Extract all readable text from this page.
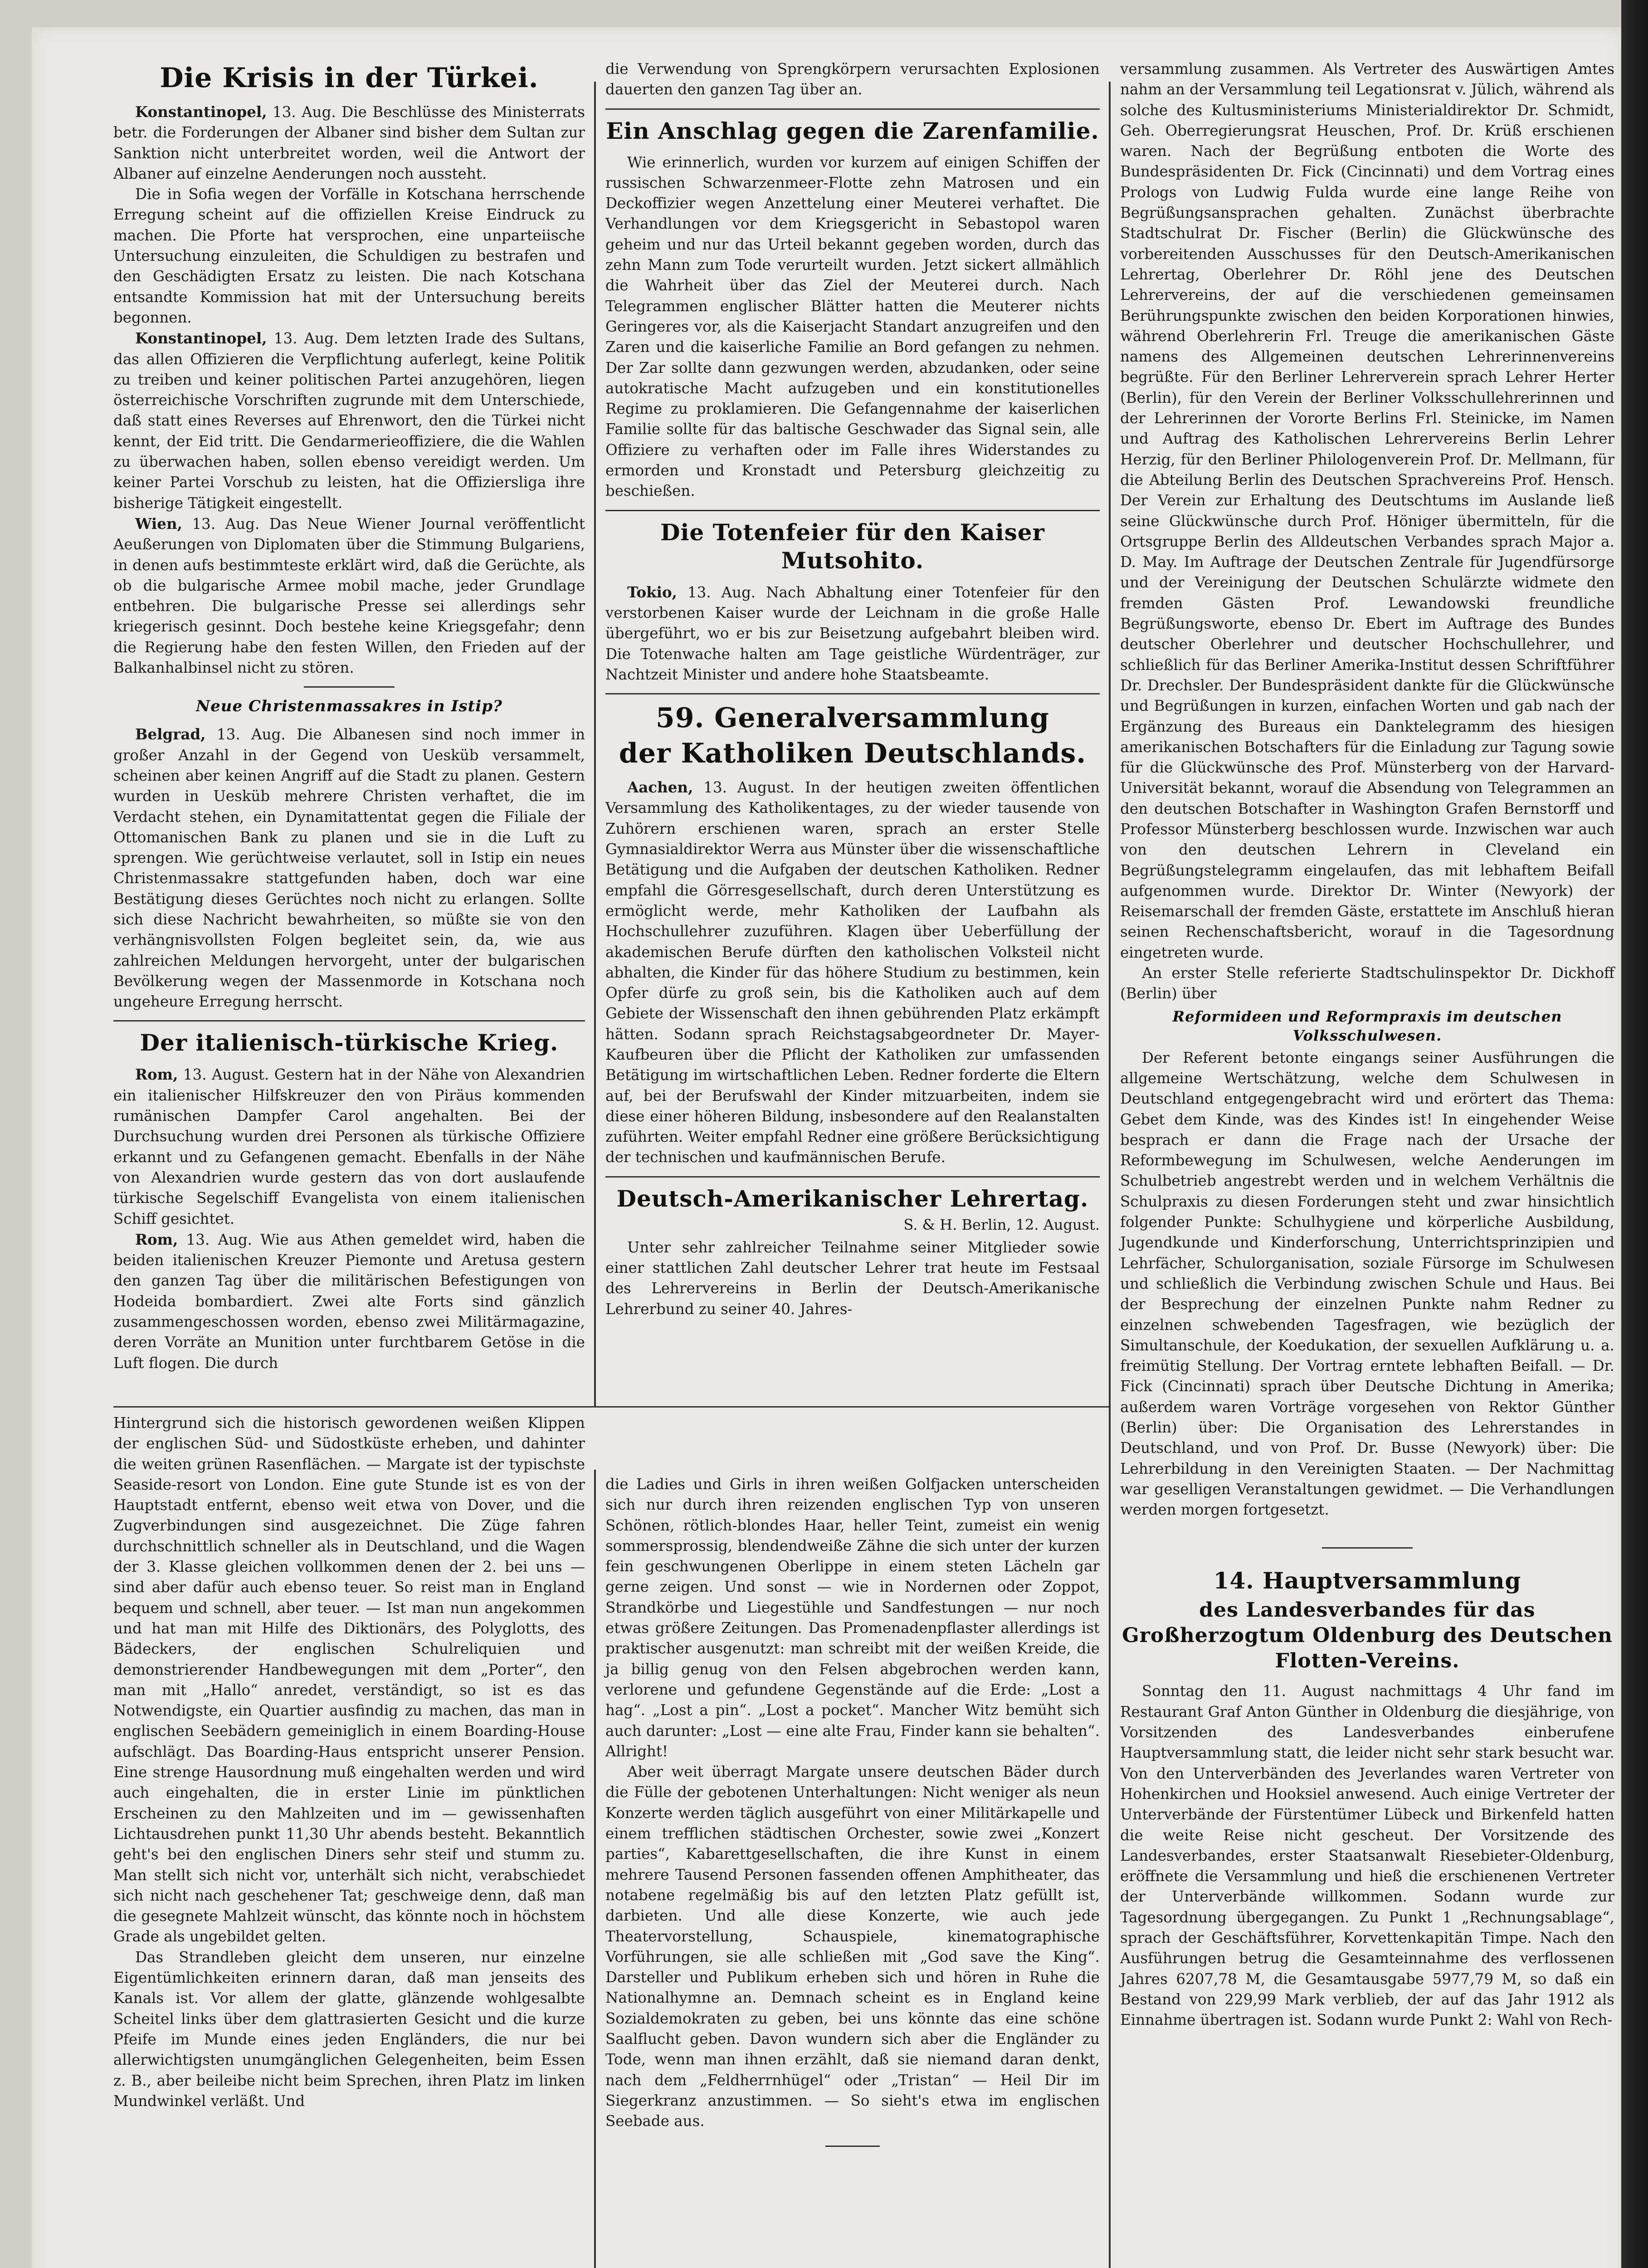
Die Krisis in der Türkei.

Konstantinopel, 13. Aug. Die Beschlüsse des Ministerrats betr. die Forderungen der Albaner sind bisher dem Sultan zur Sanktion nicht unterbreitet worden, weil die Antwort der Albaner auf einzelne Aenderungen noch aussteht.

Die in Sofia wegen der Vorfälle in Kotschana herrschende Erregung scheint auf die offiziellen Kreise Eindruck zu machen. Die Pforte hat versprochen, eine unparteiische Untersuchung einzuleiten, die Schuldigen zu bestrafen und den Geschädigten Ersatz zu leisten. Die nach Kotschana entsandte Kommission hat mit der Untersuchung bereits begonnen.

Konstantinopel, 13. Aug. Dem letzten Irade des Sultans, das allen Offizieren die Verpflichtung auferlegt, keine Politik zu treiben und keiner politischen Partei anzugehören, liegen österreichische Vorschriften zugrunde mit dem Unterschiede, daß statt eines Reverses auf Ehrenwort, den die Türkei nicht kennt, der Eid tritt. Die Gendarmerieoffiziere, die die Wahlen zu überwachen haben, sollen ebenso vereidigt werden. Um keiner Partei Vorschub zu leisten, hat die Offiziersliga ihre bisherige Tätigkeit eingestellt.

Wien, 13. Aug. Das Neue Wiener Journal veröffentlicht Aeußerungen von Diplomaten über die Stimmung Bulgariens, in denen aufs bestimmteste erklärt wird, daß die Gerüchte, als ob die bulgarische Armee mobil mache, jeder Grundlage entbehren. Die bulgarische Presse sei allerdings sehr kriegerisch gesinnt. Doch bestehe keine Kriegsgefahr; denn die Regierung habe den festen Willen, den Frieden auf der Balkanhalbinsel nicht zu stören.

Neue Christenmassakres in Istip?

Belgrad, 13. Aug. Die Albanesen sind noch immer in großer Anzahl in der Gegend von Uesküb versammelt, scheinen aber keinen Angriff auf die Stadt zu planen. Gestern wurden in Uesküb mehrere Christen verhaftet, die im Verdacht stehen, ein Dynamitattentat gegen die Filiale der Ottomanischen Bank zu planen und sie in die Luft zu sprengen. Wie gerüchtweise verlautet, soll in Istip ein neues Christenmassakre stattgefunden haben, doch war eine Bestätigung dieses Gerüchtes noch nicht zu erlangen. Sollte sich diese Nachricht bewahrheiten, so müßte sie von den verhängnisvollsten Folgen begleitet sein, da, wie aus zahlreichen Meldungen hervorgeht, unter der bulgarischen Bevölkerung wegen der Massenmorde in Kotschana noch ungeheure Erregung herrscht.

Der italienisch-türkische Krieg.

Rom, 13. August. Gestern hat in der Nähe von Alexandrien ein italienischer Hilfskreuzer den von Piräus kommenden rumänischen Dampfer Carol angehalten. Bei der Durchsuchung wurden drei Personen als türkische Offiziere erkannt und zu Gefangenen gemacht. Ebenfalls in der Nähe von Alexandrien wurde gestern das von dort auslaufende türkische Segelschiff Evangelista von einem italienischen Schiff gesichtet.

Rom, 13. Aug. Wie aus Athen gemeldet wird, haben die beiden italienischen Kreuzer Piemonte und Aretusa gestern den ganzen Tag über die militärischen Befestigungen von Hodeida bombardiert. Zwei alte Forts sind gänzlich zusammengeschossen worden, ebenso zwei Militärmagazine, deren Vorräte an Munition unter furchtbarem Getöse in die Luft flogen. Die durch

die Verwendung von Sprengkörpern verursachten Explosionen dauerten den ganzen Tag über an.

Ein Anschlag gegen die Zarenfamilie.

Wie erinnerlich, wurden vor kurzem auf einigen Schiffen der russischen Schwarzenmeer-Flotte zehn Matrosen und ein Deckoffizier wegen Anzettelung einer Meuterei verhaftet. Die Verhandlungen vor dem Kriegsgericht in Sebastopol waren geheim und nur das Urteil bekannt gegeben worden, durch das zehn Mann zum Tode verurteilt wurden. Jetzt sickert allmählich die Wahrheit über das Ziel der Meuterei durch. Nach Telegrammen englischer Blätter hatten die Meuterer nichts Geringeres vor, als die Kaiserjacht Standart anzugreifen und den Zaren und die kaiserliche Familie an Bord gefangen zu nehmen. Der Zar sollte dann gezwungen werden, abzudanken, oder seine autokratische Macht aufzugeben und ein konstitutionelles Regime zu proklamieren. Die Gefangennahme der kaiserlichen Familie sollte für das baltische Geschwader das Signal sein, alle Offiziere zu verhaften oder im Falle ihres Widerstandes zu ermorden und Kronstadt und Petersburg gleichzeitig zu beschießen.

Die Totenfeier für den Kaiser Mutsohito.

Tokio, 13. Aug. Nach Abhaltung einer Totenfeier für den verstorbenen Kaiser wurde der Leichnam in die große Halle übergeführt, wo er bis zur Beisetzung aufgebahrt bleiben wird. Die Totenwache halten am Tage geistliche Würdenträger, zur Nachtzeit Minister und andere hohe Staatsbeamte.

59. Generalversammlung
der Katholiken Deutschlands.

Aachen, 13. August. In der heutigen zweiten öffentlichen Versammlung des Katholikentages, zu der wieder tausende von Zuhörern erschienen waren, sprach an erster Stelle Gymnasialdirektor Werra aus Münster über die wissenschaftliche Betätigung und die Aufgaben der deutschen Katholiken. Redner empfahl die Görresgesellschaft, durch deren Unterstützung es ermöglicht werde, mehr Katholiken der Laufbahn als Hochschullehrer zuzuführen. Klagen über Ueberfüllung der akademischen Berufe dürften den katholischen Volksteil nicht abhalten, die Kinder für das höhere Studium zu bestimmen, kein Opfer dürfe zu groß sein, bis die Katholiken auch auf dem Gebiete der Wissenschaft den ihnen gebührenden Platz erkämpft hätten. Sodann sprach Reichstagsabgeordneter Dr. Mayer-Kaufbeuren über die Pflicht der Katholiken zur umfassenden Betätigung im wirtschaftlichen Leben. Redner forderte die Eltern auf, bei der Berufswahl der Kinder mitzuarbeiten, indem sie diese einer höheren Bildung, insbesondere auf den Realanstalten zuführten. Weiter empfahl Redner eine größere Berücksichtigung der technischen und kaufmännischen Berufe.

Deutsch-Amerikanischer Lehrertag.

S. & H. Berlin, 12. August.

Unter sehr zahlreicher Teilnahme seiner Mitglieder sowie einer stattlichen Zahl deutscher Lehrer trat heute im Festsaal des Lehrervereins in Berlin der Deutsch-Amerikanische Lehrerbund zu seiner 40. Jahres-

versammlung zusammen. Als Vertreter des Auswärtigen Amtes nahm an der Versammlung teil Legationsrat v. Jülich, während als solche des Kultusministeriums Ministerialdirektor Dr. Schmidt, Geh. Oberregierungsrat Heuschen, Prof. Dr. Krüß erschienen waren. Nach der Begrüßung entboten die Worte des Bundespräsidenten Dr. Fick (Cincinnati) und dem Vortrag eines Prologs von Ludwig Fulda wurde eine lange Reihe von Begrüßungsansprachen gehalten. Zunächst überbrachte Stadtschulrat Dr. Fischer (Berlin) die Glückwünsche des vorbereitenden Ausschusses für den Deutsch-Amerikanischen Lehrertag, Oberlehrer Dr. Röhl jene des Deutschen Lehrervereins, der auf die verschiedenen gemeinsamen Berührungspunkte zwischen den beiden Korporationen hinwies, während Oberlehrerin Frl. Treuge die amerikanischen Gäste namens des Allgemeinen deutschen Lehrerinnenvereins begrüßte. Für den Berliner Lehrerverein sprach Lehrer Herter (Berlin), für den Verein der Berliner Volksschullehrerinnen und der Lehrerinnen der Vororte Berlins Frl. Steinicke, im Namen und Auftrag des Katholischen Lehrervereins Berlin Lehrer Herzig, für den Berliner Philologenverein Prof. Dr. Mellmann, für die Abteilung Berlin des Deutschen Sprachvereins Prof. Hensch. Der Verein zur Erhaltung des Deutschtums im Auslande ließ seine Glückwünsche durch Prof. Höniger übermitteln, für die Ortsgruppe Berlin des Alldeutschen Verbandes sprach Major a. D. May. Im Auftrage der Deutschen Zentrale für Jugendfürsorge und der Vereinigung der Deutschen Schulärzte widmete den fremden Gästen Prof. Lewandowski freundliche Begrüßungsworte, ebenso Dr. Ebert im Auftrage des Bundes deutscher Oberlehrer und deutscher Hochschullehrer, und schließlich für das Berliner Amerika-Institut dessen Schriftführer Dr. Drechsler. Der Bundespräsident dankte für die Glückwünsche und Begrüßungen in kurzen, einfachen Worten und gab nach der Ergänzung des Bureaus ein Danktelegramm des hiesigen amerikanischen Botschafters für die Einladung zur Tagung sowie für die Glückwünsche des Prof. Münsterberg von der Harvard-Universität bekannt, worauf die Absendung von Telegrammen an den deutschen Botschafter in Washington Grafen Bernstorff und Professor Münsterberg beschlossen wurde. Inzwischen war auch von den deutschen Lehrern in Cleveland ein Begrüßungstelegramm eingelaufen, das mit lebhaftem Beifall aufgenommen wurde. Direktor Dr. Winter (Newyork) der Reisemarschall der fremden Gäste, erstattete im Anschluß hieran seinen Rechenschaftsbericht, worauf in die Tagesordnung eingetreten wurde.

An erster Stelle referierte Stadtschulinspektor Dr. Dickhoff (Berlin) über

Reformideen und Reformpraxis im deutschen Volksschulwesen.

Der Referent betonte eingangs seiner Ausführungen die allgemeine Wertschätzung, welche dem Schulwesen in Deutschland entgegengebracht wird und erörtert das Thema: Gebet dem Kinde, was des Kindes ist! In eingehender Weise besprach er dann die Frage nach der Ursache der Reformbewegung im Schulwesen, welche Aenderungen im Schulbetrieb angestrebt werden und in welchem Verhältnis die Schulpraxis zu diesen Forderungen steht und zwar hinsichtlich folgender Punkte: Schulhygiene und körperliche Ausbildung, Jugendkunde und Kinderforschung, Unterrichtsprinzipien und Lehrfächer, Schulorganisation, soziale Fürsorge im Schulwesen und schließlich die Verbindung zwischen Schule und Haus. Bei der Besprechung der einzelnen Punkte nahm Redner zu einzelnen schwebenden Tagesfragen, wie bezüglich der Simultanschule, der Koedukation, der sexuellen Aufklärung u. a. freimütig Stellung. Der Vortrag erntete lebhaften Beifall. — Dr. Fick (Cincinnati) sprach über Deutsche Dichtung in Amerika; außerdem waren Vorträge vorgesehen von Rektor Günther (Berlin) über: Die Organisation des Lehrerstandes in Deutschland, und von Prof. Dr. Busse (Newyork) über: Die Lehrerbildung in den Vereinigten Staaten. — Der Nachmittag war geselligen Veranstaltungen gewidmet. — Die Verhandlungen werden morgen fortgesetzt.

14. Hauptversammlung
des Landesverbandes für das Großherzogtum Oldenburg des Deutschen Flotten-Vereins.

Sonntag den 11. August nachmittags 4 Uhr fand im Restaurant Graf Anton Günther in Oldenburg die diesjährige, von Vorsitzenden des Landesverbandes einberufene Hauptversammlung statt, die leider nicht sehr stark besucht war. Von den Unterverbänden des Jeverlandes waren Vertreter von Hohenkirchen und Hooksiel anwesend. Auch einige Vertreter der Unterverbände der Fürstentümer Lübeck und Birkenfeld hatten die weite Reise nicht gescheut. Der Vorsitzende des Landesverbandes, erster Staatsanwalt Riesebieter-Oldenburg, eröffnete die Versammlung und hieß die erschienenen Vertreter der Unterverbände willkommen. Sodann wurde zur Tagesordnung übergegangen. Zu Punkt 1 „Rechnungsablage“, sprach der Geschäftsführer, Korvettenkapitän Timpe. Nach den Ausführungen betrug die Gesamteinnahme des verflossenen Jahres 6207,78 M, die Gesamtausgabe 5977,79 M, so daß ein Bestand von 229,99 Mark verblieb, der auf das Jahr 1912 als Einnahme übertragen ist. Sodann wurde Punkt 2: Wahl von Rech-

Hintergrund sich die historisch gewordenen weißen Klippen der englischen Süd- und Südostküste erheben, und dahinter die weiten grünen Rasenflächen. — Margate ist der typischste Seaside-resort von London. Eine gute Stunde ist es von der Hauptstadt entfernt, ebenso weit etwa von Dover, und die Zugverbindungen sind ausgezeichnet. Die Züge fahren durchschnittlich schneller als in Deutschland, und die Wagen der 3. Klasse gleichen vollkommen denen der 2. bei uns — sind aber dafür auch ebenso teuer. So reist man in England bequem und schnell, aber teuer. — Ist man nun angekommen und hat man mit Hilfe des Diktionärs, des Polyglotts, des Bädeckers, der englischen Schulreliquien und demonstrierender Handbewegungen mit dem „Porter“, den man mit „Hallo“ anredet, verständigt, so ist es das Notwendigste, ein Quartier ausfindig zu machen, das man in englischen Seebädern gemeiniglich in einem Boarding-House aufschlägt. Das Boarding-Haus entspricht unserer Pension. Eine strenge Hausordnung muß eingehalten werden und wird auch eingehalten, die in erster Linie im pünktlichen Erscheinen zu den Mahlzeiten und im — gewissenhaften Lichtausdrehen punkt 11,30 Uhr abends besteht. Bekanntlich geht's bei den englischen Diners sehr steif und stumm zu. Man stellt sich nicht vor, unterhält sich nicht, verabschiedet sich nicht nach geschehener Tat; geschweige denn, daß man die gesegnete Mahlzeit wünscht, das könnte noch in höchstem Grade als ungebildet gelten.

Das Strandleben gleicht dem unseren, nur einzelne Eigentümlichkeiten erinnern daran, daß man jenseits des Kanals ist. Vor allem der glatte, glänzende wohlgesalbte Scheitel links über dem glattrasierten Gesicht und die kurze Pfeife im Munde eines jeden Engländers, die nur bei allerwichtigsten unumgänglichen Gelegenheiten, beim Essen z. B., aber beileibe nicht beim Sprechen, ihren Platz im linken Mundwinkel verläßt. Und

die Ladies und Girls in ihren weißen Golfjacken unterscheiden sich nur durch ihren reizenden englischen Typ von unseren Schönen, rötlich-blondes Haar, heller Teint, zumeist ein wenig sommersprossig, blendendweiße Zähne die sich unter der kurzen fein geschwungenen Oberlippe in einem steten Lächeln gar gerne zeigen. Und sonst — wie in Nordernen oder Zoppot, Strandkörbe und Liegestühle und Sandfestungen — nur noch etwas größere Zeitungen. Das Promenadenpflaster allerdings ist praktischer ausgenutzt: man schreibt mit der weißen Kreide, die ja billig genug von den Felsen abgebrochen werden kann, verlorene und gefundene Gegenstände auf die Erde: „Lost a hag“. „Lost a pin“. „Lost a pocket“. Mancher Witz bemüht sich auch darunter: „Lost — eine alte Frau, Finder kann sie behalten“. Allright!

Aber weit überragt Margate unsere deutschen Bäder durch die Fülle der gebotenen Unterhaltungen: Nicht weniger als neun Konzerte werden täglich ausgeführt von einer Militärkapelle und einem trefflichen städtischen Orchester, sowie zwei „Konzert parties“, Kabarettgesellschaften, die ihre Kunst in einem mehrere Tausend Personen fassenden offenen Amphitheater, das notabene regelmäßig bis auf den letzten Platz gefüllt ist, darbieten. Und alle diese Konzerte, wie auch jede Theatervorstellung, Schauspiele, kinematographische Vorführungen, sie alle schließen mit „God save the King“. Darsteller und Publikum erheben sich und hören in Ruhe die Nationalhymne an. Demnach scheint es in England keine Sozialdemokraten zu geben, bei uns könnte das eine schöne Saalflucht geben. Davon wundern sich aber die Engländer zu Tode, wenn man ihnen erzählt, daß sie niemand daran denkt, nach dem „Feldherrnhügel“ oder „Tristan“ — Heil Dir im Siegerkranz anzustimmen. — So sieht's etwa im englischen Seebade aus.
